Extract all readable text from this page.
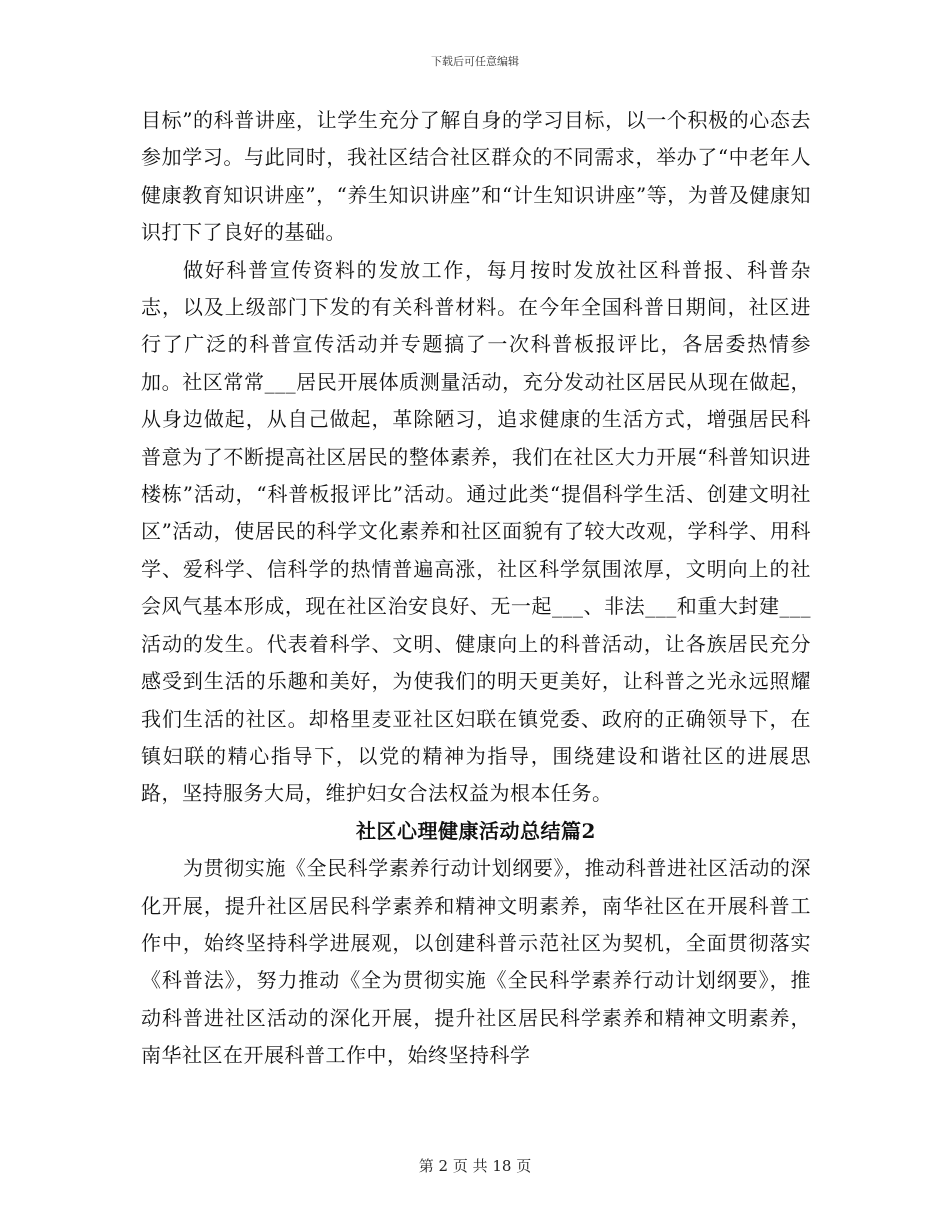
下载后可任意编辑

目标”的科普讲座，让学生充分了解自身的学习目标，以一个积极的心态去参加学习。与此同时，我社区结合社区群众的不同需求，举办了“中老年人健康教育知识讲座”，“养生知识讲座”和“计生知识讲座”等，为普及健康知识打下了良好的基础。

做好科普宣传资料的发放工作，每月按时发放社区科普报、科普杂志，以及上级部门下发的有关科普材料。在今年全国科普日期间，社区进行了广泛的科普宣传活动并专题搞了一次科普板报评比，各居委热情参加。社区常常___居民开展体质测量活动，充分发动社区居民从现在做起，从身边做起，从自己做起，革除陋习，追求健康的生活方式，增强居民科普意为了不断提高社区居民的整体素养，我们在社区大力开展“科普知识进楼栋”活动，“科普板报评比”活动。通过此类“提倡科学生活、创建文明社区”活动，使居民的科学文化素养和社区面貌有了较大改观，学科学、用科学、爱科学、信科学的热情普遍高涨，社区科学氛围浓厚，文明向上的社会风气基本形成，现在社区治安良好、无一起___、非法___和重大封建___活动的发生。代表着科学、文明、健康向上的科普活动，让各族居民充分感受到生活的乐趣和美好，为使我们的明天更美好，让科普之光永远照耀我们生活的社区。却格里麦亚社区妇联在镇党委、政府的正确领导下，在镇妇联的精心指导下，以党的精神为指导，围绕建设和谐社区的进展思路，坚持服务大局，维护妇女合法权益为根本任务。

社区心理健康活动总结篇2

为贯彻实施《全民科学素养行动计划纲要》，推动科普进社区活动的深化开展，提升社区居民科学素养和精神文明素养，南华社区在开展科普工作中，始终坚持科学进展观，以创建科普示范社区为契机，全面贯彻落实《科普法》，努力推动《全为贯彻实施《全民科学素养行动计划纲要》，推动科普进社区活动的深化开展，提升社区居民科学素养和精神文明素养，南华社区在开展科普工作中，始终坚持科学

第 2 页 共 18 页
